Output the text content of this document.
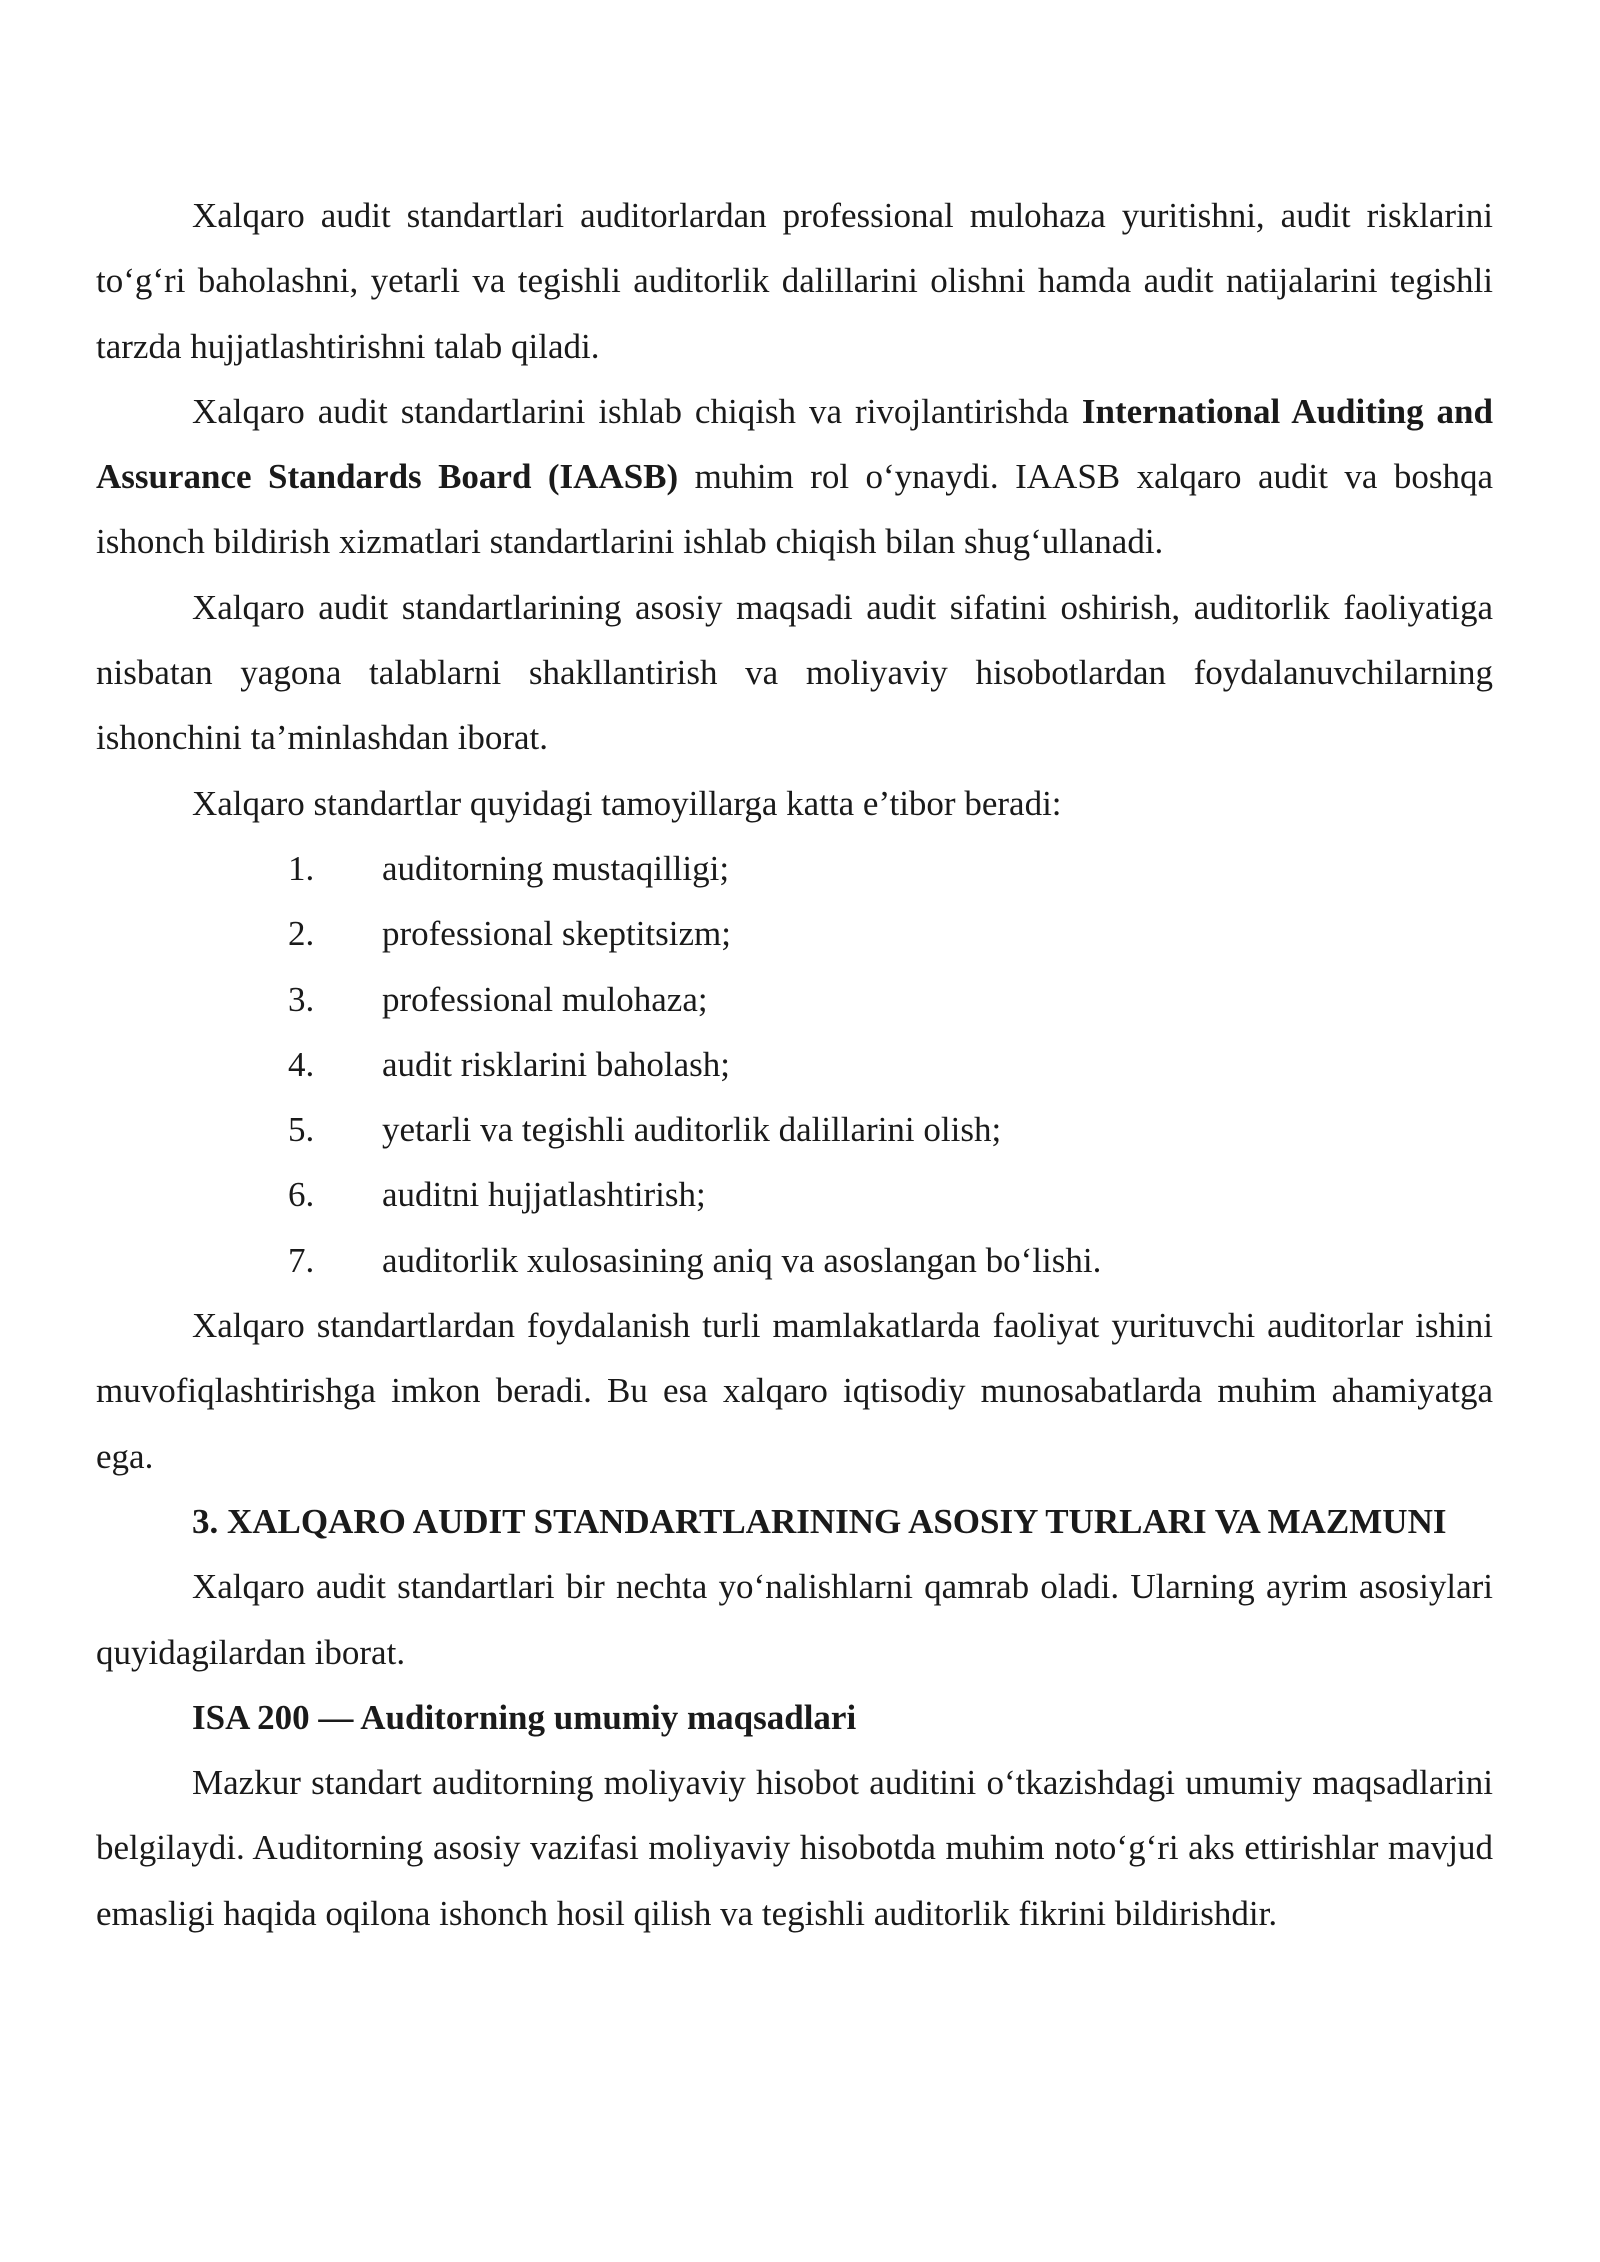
Xalqaro audit standartlari auditorlardan professional mulohaza yuritishni, audit risklarini to‘g‘ri baholashni, yetarli va tegishli auditorlik dalillarini olishni hamda audit natijalarini tegishli tarzda hujjatlashtirishni talab qiladi.

Xalqaro audit standartlarini ishlab chiqish va rivojlantirishda International Auditing and Assurance Standards Board (IAASB) muhim rol o‘ynaydi. IAASB xalqaro audit va boshqa ishonch bildirish xizmatlari standartlarini ishlab chiqish bilan shug‘ullanadi.

Xalqaro audit standartlarining asosiy maqsadi audit sifatini oshirish, auditorlik faoliyatiga nisbatan yagona talablarni shakllantirish va moliyaviy hisobotlardan foydalanuvchilarning ishonchini ta’minlashdan iborat.

Xalqaro standartlar quyidagi tamoyillarga katta e’tibor beradi:

1. auditorning mustaqilligi;
2. professional skeptitsizm;
3. professional mulohaza;
4. audit risklarini baholash;
5. yetarli va tegishli auditorlik dalillarini olish;
6. auditni hujjatlashtirish;
7. auditorlik xulosasining aniq va asoslangan bo‘lishi.

Xalqaro standartlardan foydalanish turli mamlakatlarda faoliyat yurituvchi auditorlar ishini muvofiqlashtirishga imkon beradi. Bu esa xalqaro iqtisodiy munosabatlarda muhim ahamiyatga ega.

3. XALQARO AUDIT STANDARTLARINING ASOSIY TURLARI VA MAZMUNI

Xalqaro audit standartlari bir nechta yo‘nalishlarni qamrab oladi. Ularning ayrim asosiylari quyidagilardan iborat.

ISA 200 — Auditorning umumiy maqsadlari

Mazkur standart auditorning moliyaviy hisobot auditini o‘tkazishdagi umumiy maqsadlarini belgilaydi. Auditorning asosiy vazifasi moliyaviy hisobotda muhim noto‘g‘ri aks ettirishlar mavjud emasligi haqida oqilona ishonch hosil qilish va tegishli auditorlik fikrini bildirishdir.
